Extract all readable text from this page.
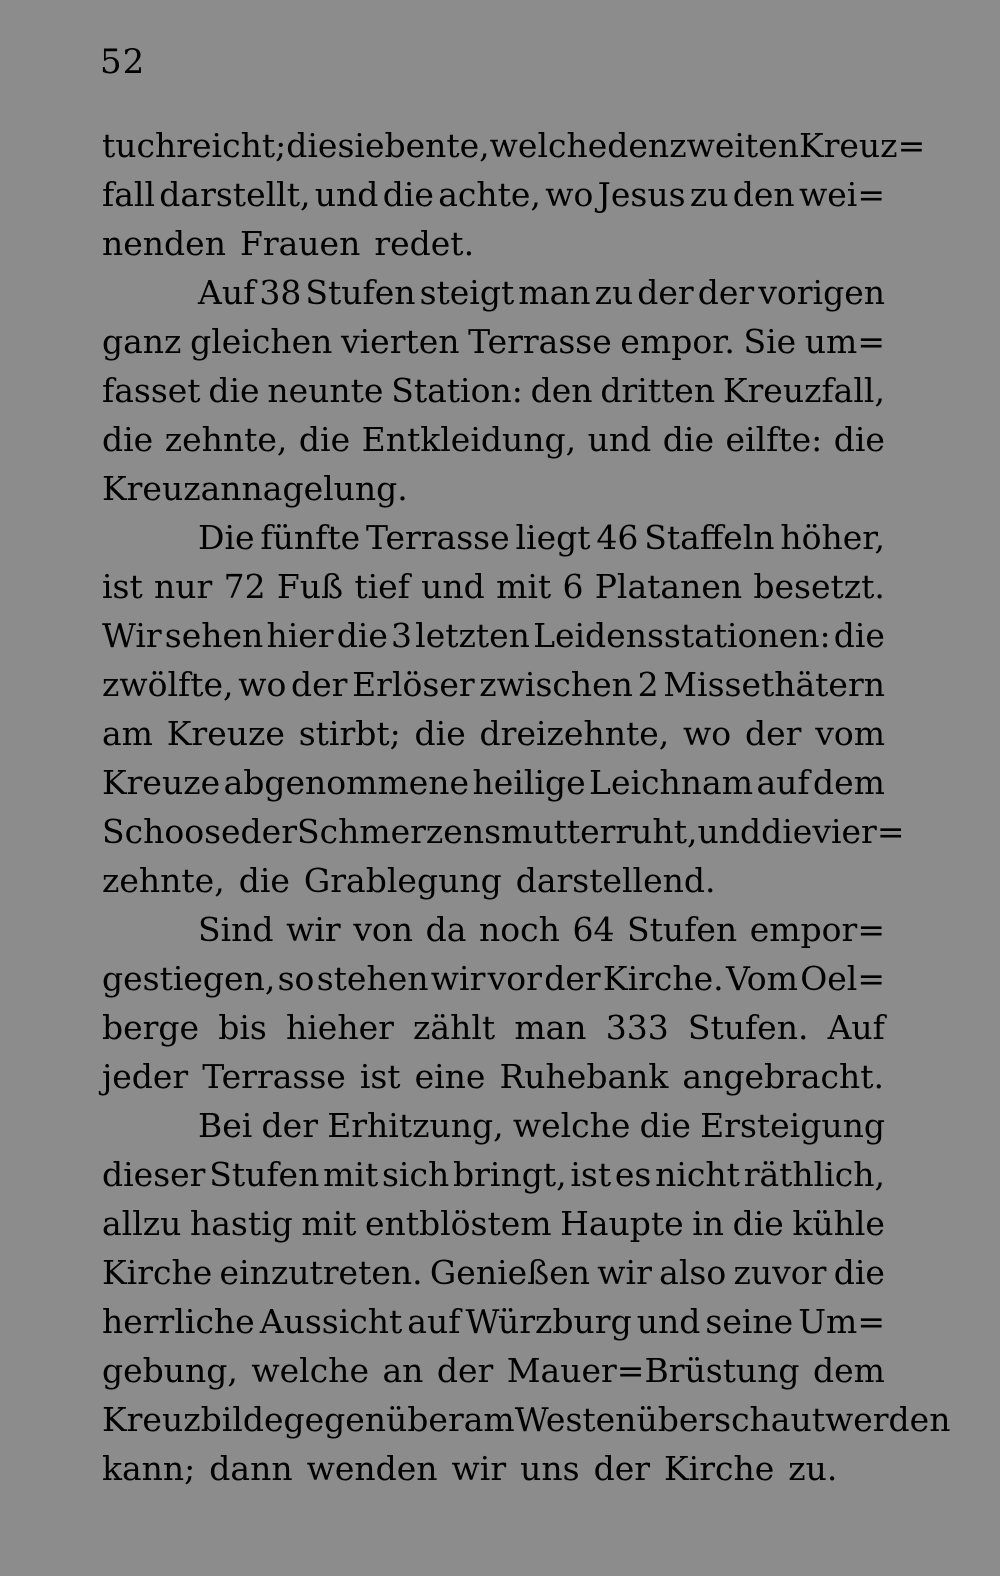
52
tuch reicht; die siebente, welche den zweiten Kreuz=
fall darstellt, und die achte, wo Jesus zu den wei=
nenden Frauen redet.
Auf 38 Stufen steigt man zu der der vorigen
ganz gleichen vierten Terrasse empor. Sie um=
fasset die neunte Station: den dritten Kreuzfall,
die zehnte, die Entkleidung, und die eilfte: die
Kreuzannagelung.
Die fünfte Terrasse liegt 46 Staffeln höher,
ist nur 72 Fuß tief und mit 6 Platanen besetzt.
Wir sehen hier die 3 letzten Leidensstationen: die
zwölfte, wo der Erlöser zwischen 2 Missethätern
am Kreuze stirbt; die dreizehnte, wo der vom
Kreuze abgenommene heilige Leichnam auf dem
Schoose der Schmerzensmutter ruht, und die vier=
zehnte, die Grablegung darstellend.
Sind wir von da noch 64 Stufen empor=
gestiegen, so stehen wir vor der Kirche. Vom Oel=
berge bis hieher zählt man 333 Stufen. Auf
jeder Terrasse ist eine Ruhebank angebracht.
Bei der Erhitzung, welche die Ersteigung
dieser Stufen mit sich bringt, ist es nicht räthlich,
allzu hastig mit entblöstem Haupte in die kühle
Kirche einzutreten. Genießen wir also zuvor die
herrliche Aussicht auf Würzburg und seine Um=
gebung, welche an der Mauer=Brüstung dem
Kreuzbilde gegenüber am Westen überschaut werden
kann; dann wenden wir uns der Kirche zu.
